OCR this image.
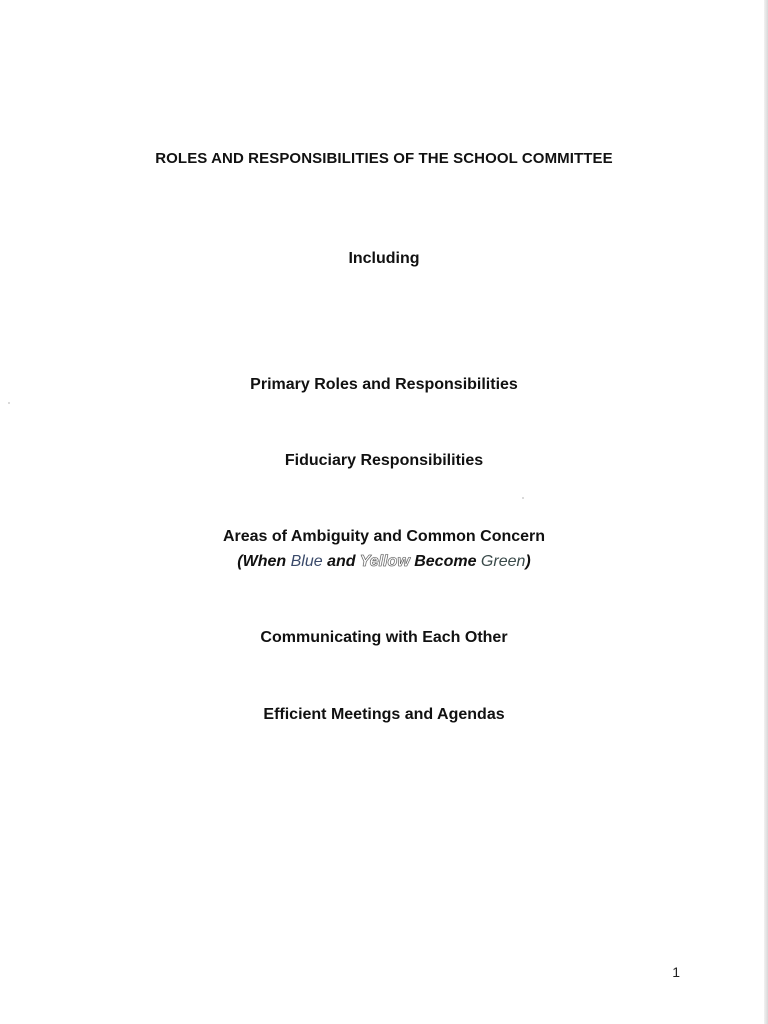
ROLES AND RESPONSIBILITIES OF THE SCHOOL COMMITTEE
Including
Primary Roles and Responsibilities
Fiduciary Responsibilities
Areas of Ambiguity and Common Concern
(When Blue and Yellow Become Green)
Communicating with Each Other
Efficient Meetings and Agendas
1
